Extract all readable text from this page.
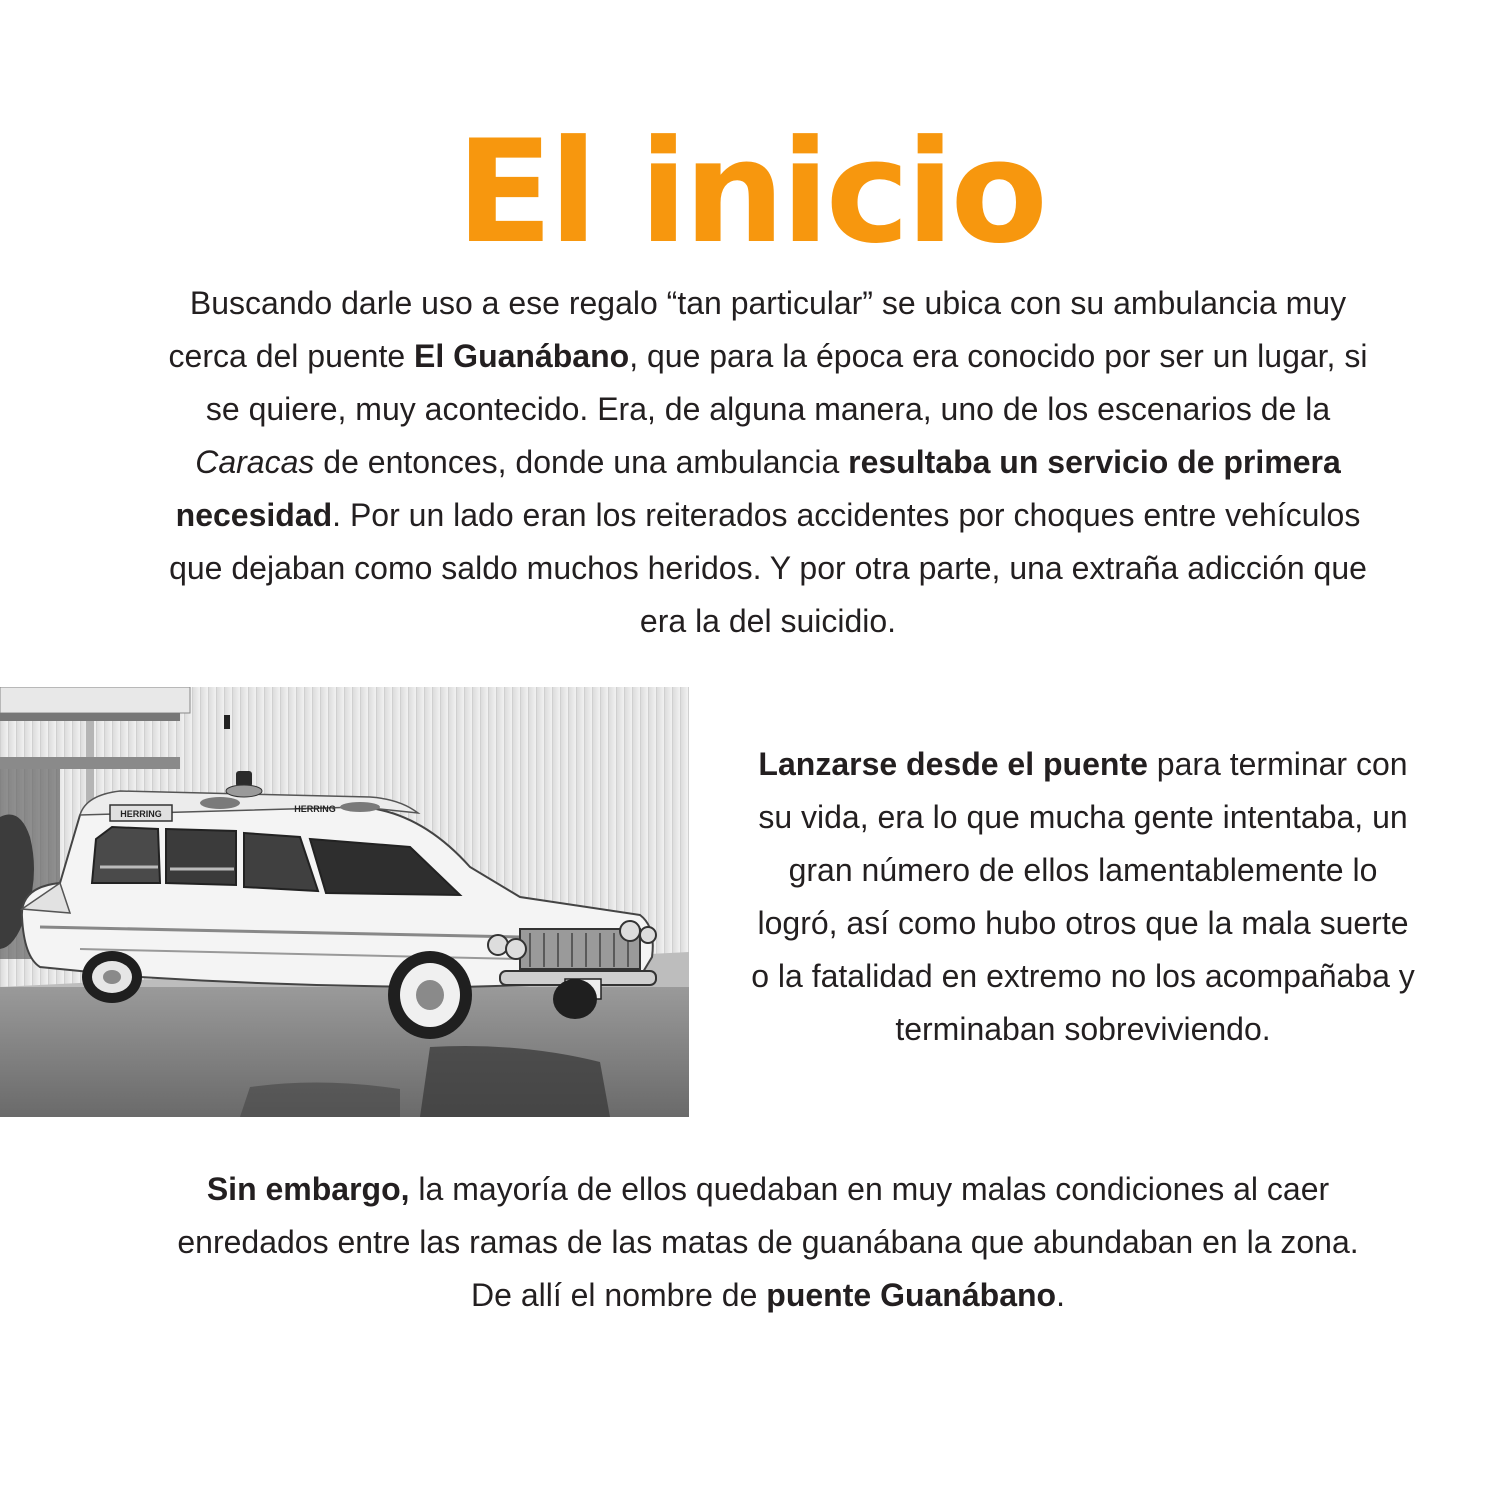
El inicio

Buscando darle uso a ese regalo “tan particular” se ubica con su ambulancia muy cerca del puente El Guanábano, que para la época era conocido por ser un lugar, si se quiere, muy acontecido. Era, de alguna manera, uno de los escenarios de la Caracas de entonces, donde una ambulancia resultaba un servicio de primera necesidad. Por un lado eran los reiterados accidentes por choques entre vehículos que dejaban como saldo muchos heridos. Y por otra parte, una extraña adicción que era la del suicidio.

HERRING	HERRING

Lanzarse desde el puente para terminar con su vida, era lo que mucha gente intentaba, un gran número de ellos lamentablemente lo logró, así como hubo otros que la mala suerte o la fatalidad en extremo no los acompañaba y terminaban sobreviviendo.

Sin embargo, la mayoría de ellos quedaban en muy malas condiciones al caer enredados entre las ramas de las matas de guanábana que abundaban en la zona. De allí el nombre de puente Guanábano.
